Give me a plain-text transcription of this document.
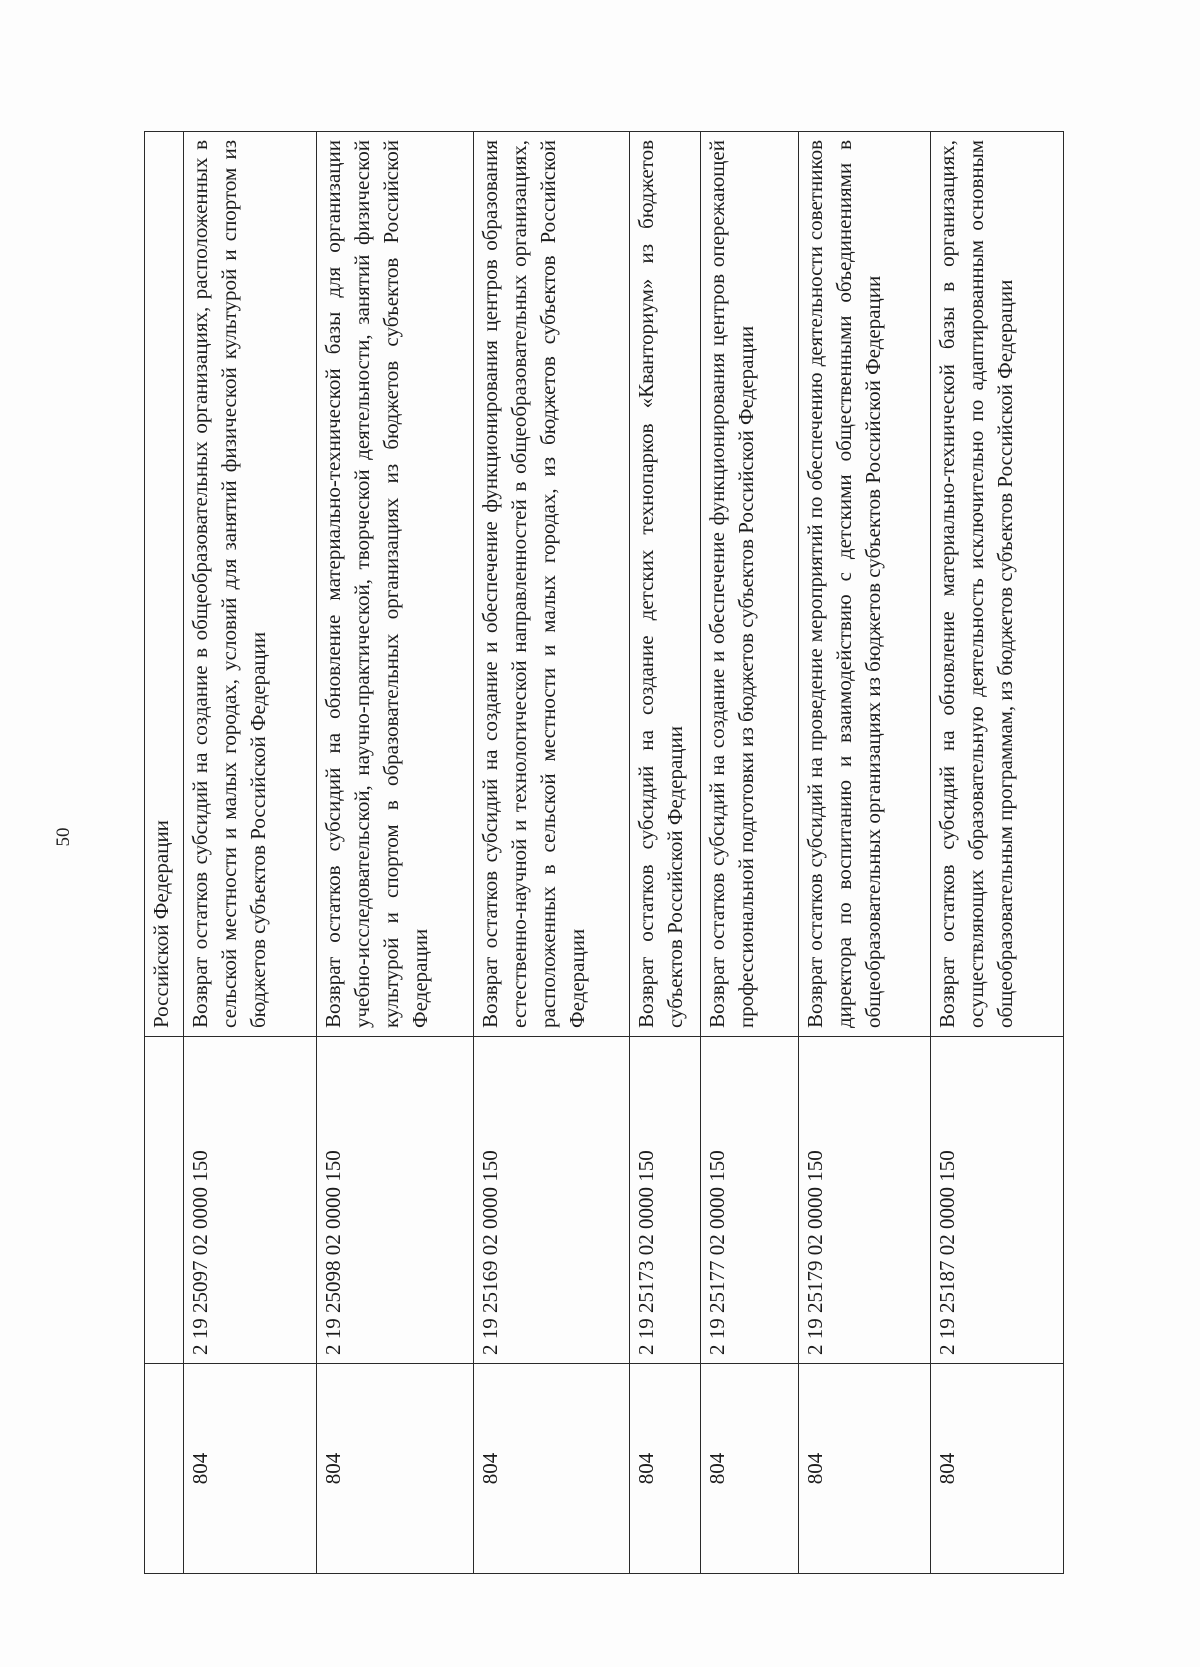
50
			Российской Федерации
804	2 19 25097 02 0000 150	Возврат остатков субсидий на создание в общеобразовательных организациях, расположенных в сельской местности и малых городах, условий для занятий физической культурой и спортом из бюджетов субъектов Российской Федерации
804	2 19 25098 02 0000 150	Возврат остатков субсидий на обновление материально-технической базы для организации учебно-исследовательской, научно-практической, творческой деятельности, занятий физической культурой и спортом в образовательных организациях из бюджетов субъектов Российской Федерации
804	2 19 25169 02 0000 150	Возврат остатков субсидий на создание и обеспечение функционирования центров образования естественно-научной и технологической направленностей в общеобразовательных организациях, расположенных в сельской местности и малых городах, из бюджетов субъектов Российской Федерации
804	2 19 25173 02 0000 150	Возврат остатков субсидий на создание детских технопарков «Кванториум» из бюджетов субъектов Российской Федерации
804	2 19 25177 02 0000 150	Возврат остатков субсидий на создание и обеспечение функционирования центров опережающей профессиональной подготовки из бюджетов субъектов Российской Федерации
804	2 19 25179 02 0000 150	Возврат остатков субсидий на проведение мероприятий по обеспечению деятельности советников директора по воспитанию и взаимодействию с детскими общественными объединениями в общеобразовательных организациях из бюджетов субъектов Российской Федерации
804	2 19 25187 02 0000 150	Возврат остатков субсидий на обновление материально-технической базы в организациях, осуществляющих образовательную деятельность исключительно по адаптированным основным общеобразовательным программам, из бюджетов субъектов Российской Федерации
